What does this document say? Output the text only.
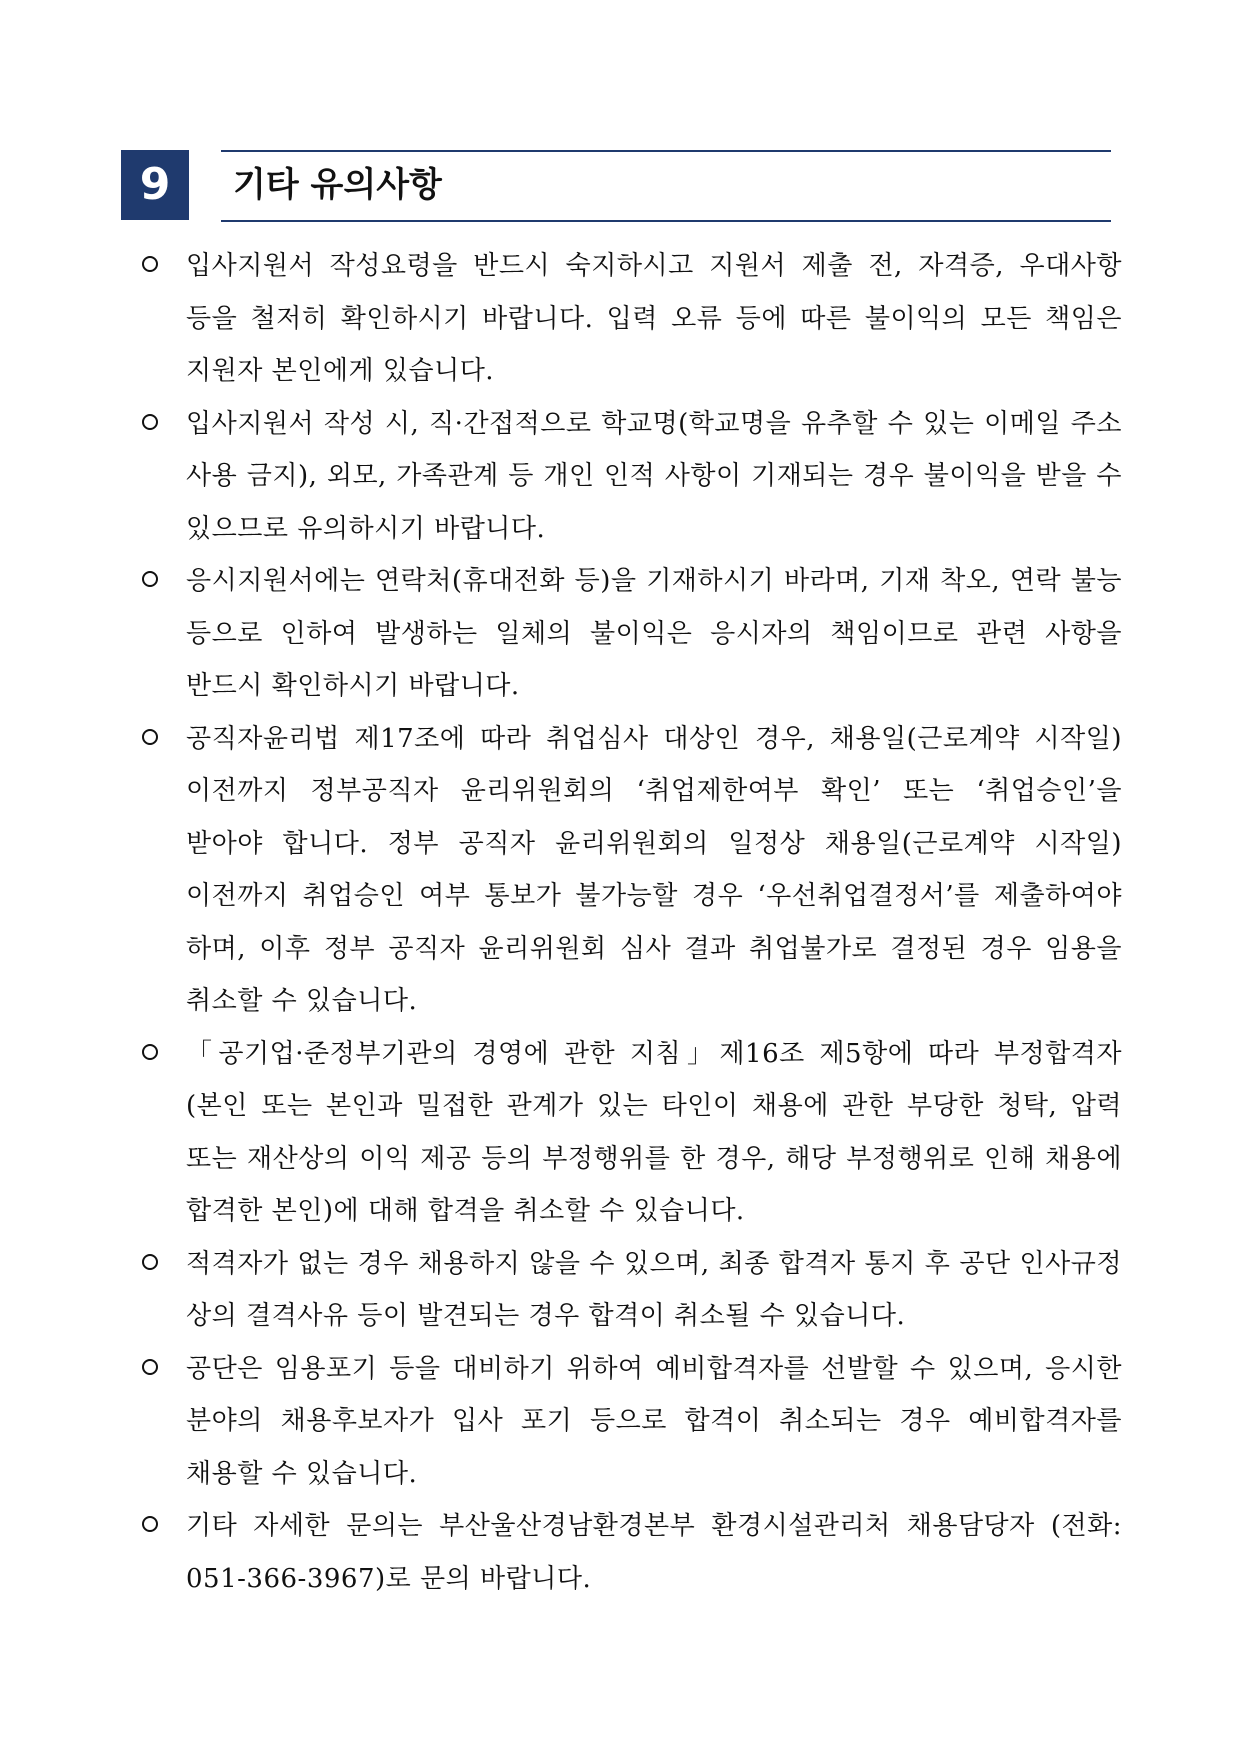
9	기타 유의사항
입사지원서 작성요령을 반드시 숙지하시고 지원서 제출 전, 자격증, 우대사항 등을 철저히 확인하시기 바랍니다. 입력 오류 등에 따른 불이익의 모든 책임은 지원자 본인에게 있습니다.
입사지원서 작성 시, 직·간접적으로 학교명(학교명을 유추할 수 있는 이메일 주소 사용 금지), 외모, 가족관계 등 개인 인적 사항이 기재되는 경우 불이익을 받을 수 있으므로 유의하시기 바랍니다.
응시지원서에는 연락처(휴대전화 등)을 기재하시기 바라며, 기재 착오, 연락 불능 등으로 인하여 발생하는 일체의 불이익은 응시자의 책임이므로 관련 사항을 반드시 확인하시기 바랍니다.
공직자윤리법 제17조에 따라 취업심사 대상인 경우, 채용일(근로계약 시작일) 이전까지 정부공직자 윤리위원회의 ‘취업제한여부 확인’ 또는 ‘취업승인’을 받아야 합니다. 정부 공직자 윤리위원회의 일정상 채용일(근로계약 시작일) 이전까지 취업승인 여부 통보가 불가능할 경우 ‘우선취업결정서’를 제출하여야 하며, 이후 정부 공직자 윤리위원회 심사 결과 취업불가로 결정된 경우 임용을 취소할 수 있습니다.
「공기업·준정부기관의 경영에 관한 지침」제16조 제5항에 따라 부정합격자(본인 또는 본인과 밀접한 관계가 있는 타인이 채용에 관한 부당한 청탁, 압력 또는 재산상의 이익 제공 등의 부정행위를 한 경우, 해당 부정행위로 인해 채용에 합격한 본인)에 대해 합격을 취소할 수 있습니다.
적격자가 없는 경우 채용하지 않을 수 있으며, 최종 합격자 통지 후 공단 인사규정 상의 결격사유 등이 발견되는 경우 합격이 취소될 수 있습니다.
공단은 임용포기 등을 대비하기 위하여 예비합격자를 선발할 수 있으며, 응시한 분야의 채용후보자가 입사 포기 등으로 합격이 취소되는 경우 예비합격자를 채용할 수 있습니다.
기타 자세한 문의는 부산울산경남환경본부 환경시설관리처 채용담당자 (전화: 051-366-3967)로 문의 바랍니다.
